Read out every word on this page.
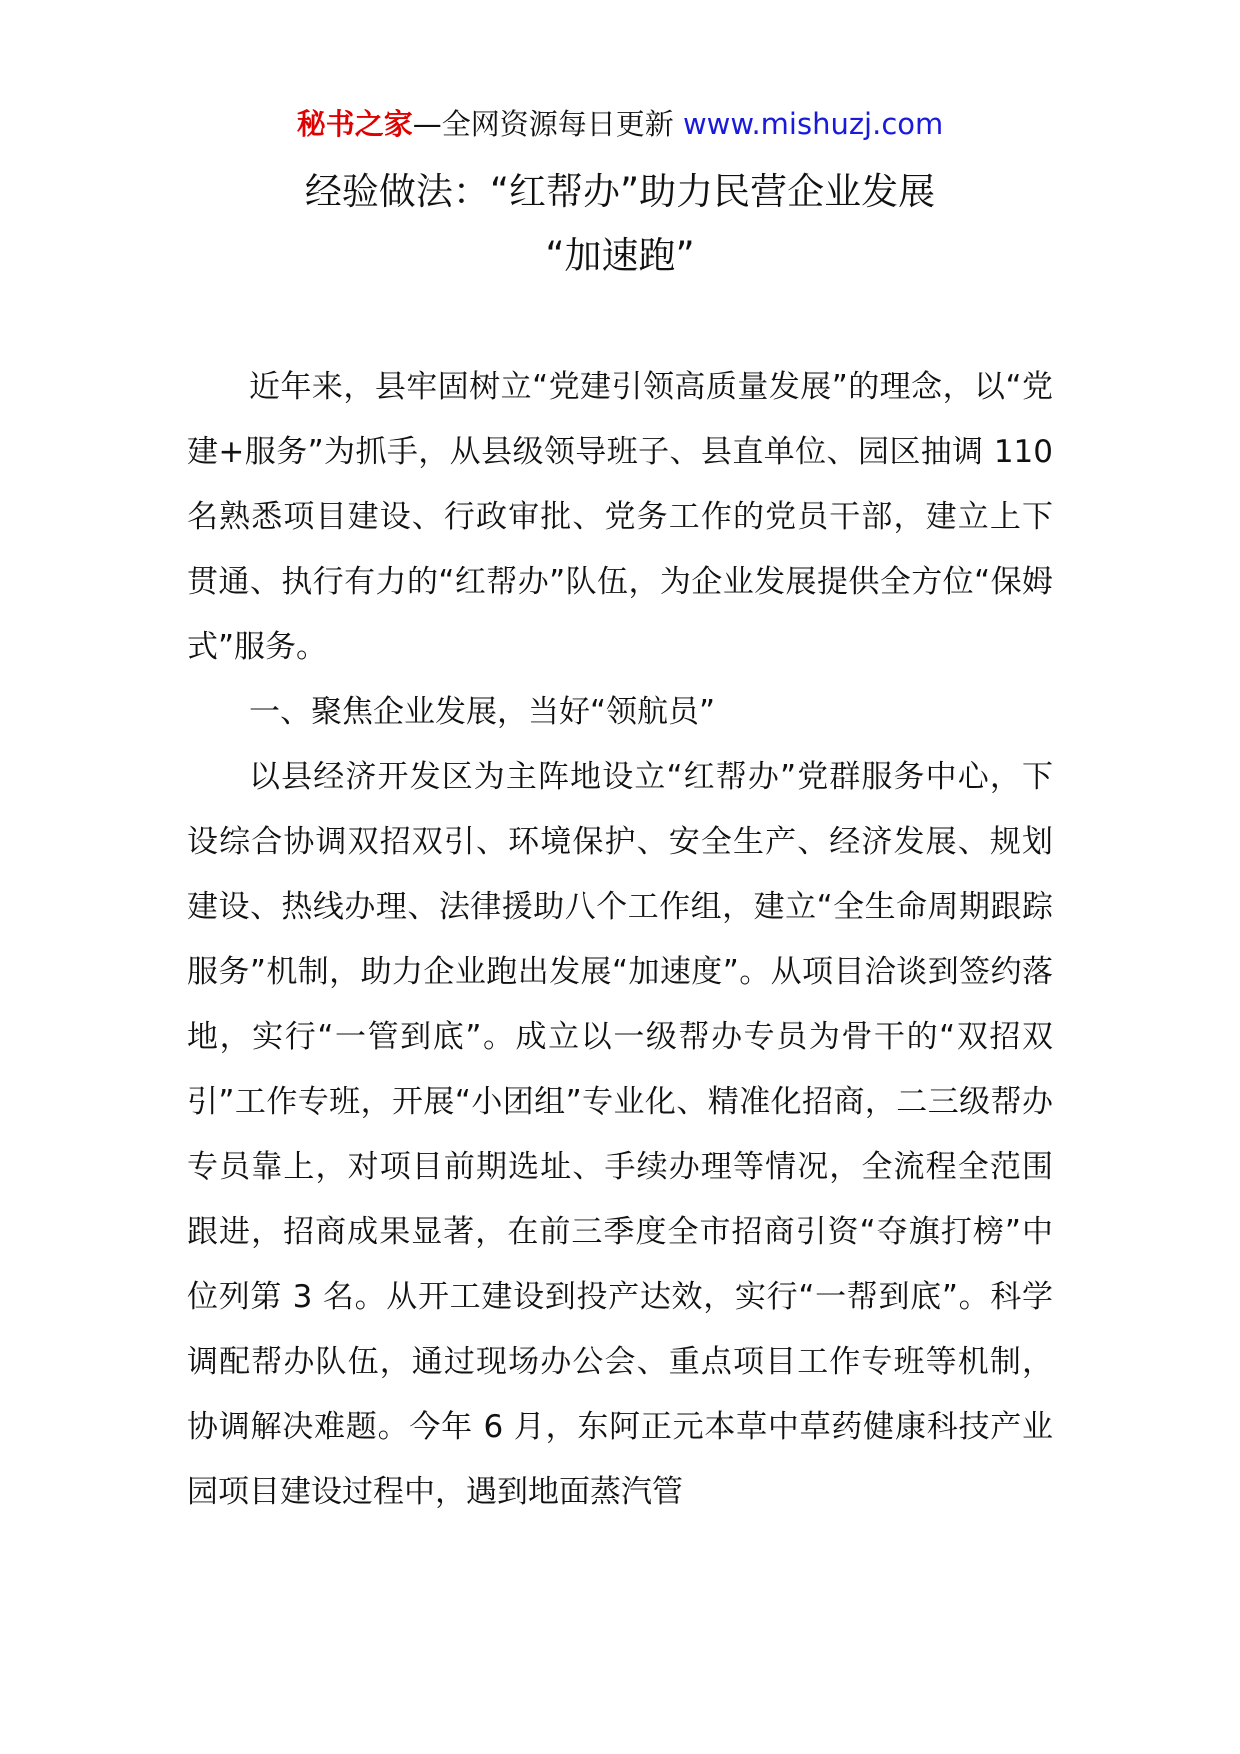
秘书之家—全网资源每日更新 www.mishuzj.com
经验做法：“红帮办”助力民营企业发展
“加速跑”

近年来，县牢固树立“党建引领高质量发展”的理念，以“党建+服务”为抓手，从县级领导班子、县直单位、园区抽调 110 名熟悉项目建设、行政审批、党务工作的党员干部，建立上下贯通、执行有力的“红帮办”队伍，为企业发展提供全方位“保姆式”服务。

一、聚焦企业发展，当好“领航员”

以县经济开发区为主阵地设立“红帮办”党群服务中心，下设综合协调双招双引、环境保护、安全生产、经济发展、规划建设、热线办理、法律援助八个工作组，建立“全生命周期跟踪服务”机制，助力企业跑出发展“加速度”。从项目洽谈到签约落地，实行“一管到底”。成立以一级帮办专员为骨干的“双招双引”工作专班，开展“小团组”专业化、精准化招商，二三级帮办专员靠上，对项目前期选址、手续办理等情况，全流程全范围跟进，招商成果显著，在前三季度全市招商引资“夺旗打榜”中位列第 3 名。从开工建设到投产达效，实行“一帮到底”。科学调配帮办队伍，通过现场办公会、重点项目工作专班等机制，协调解决难题。今年 6 月，东阿正元本草中草药健康科技产业园项目建设过程中，遇到地面蒸汽管
